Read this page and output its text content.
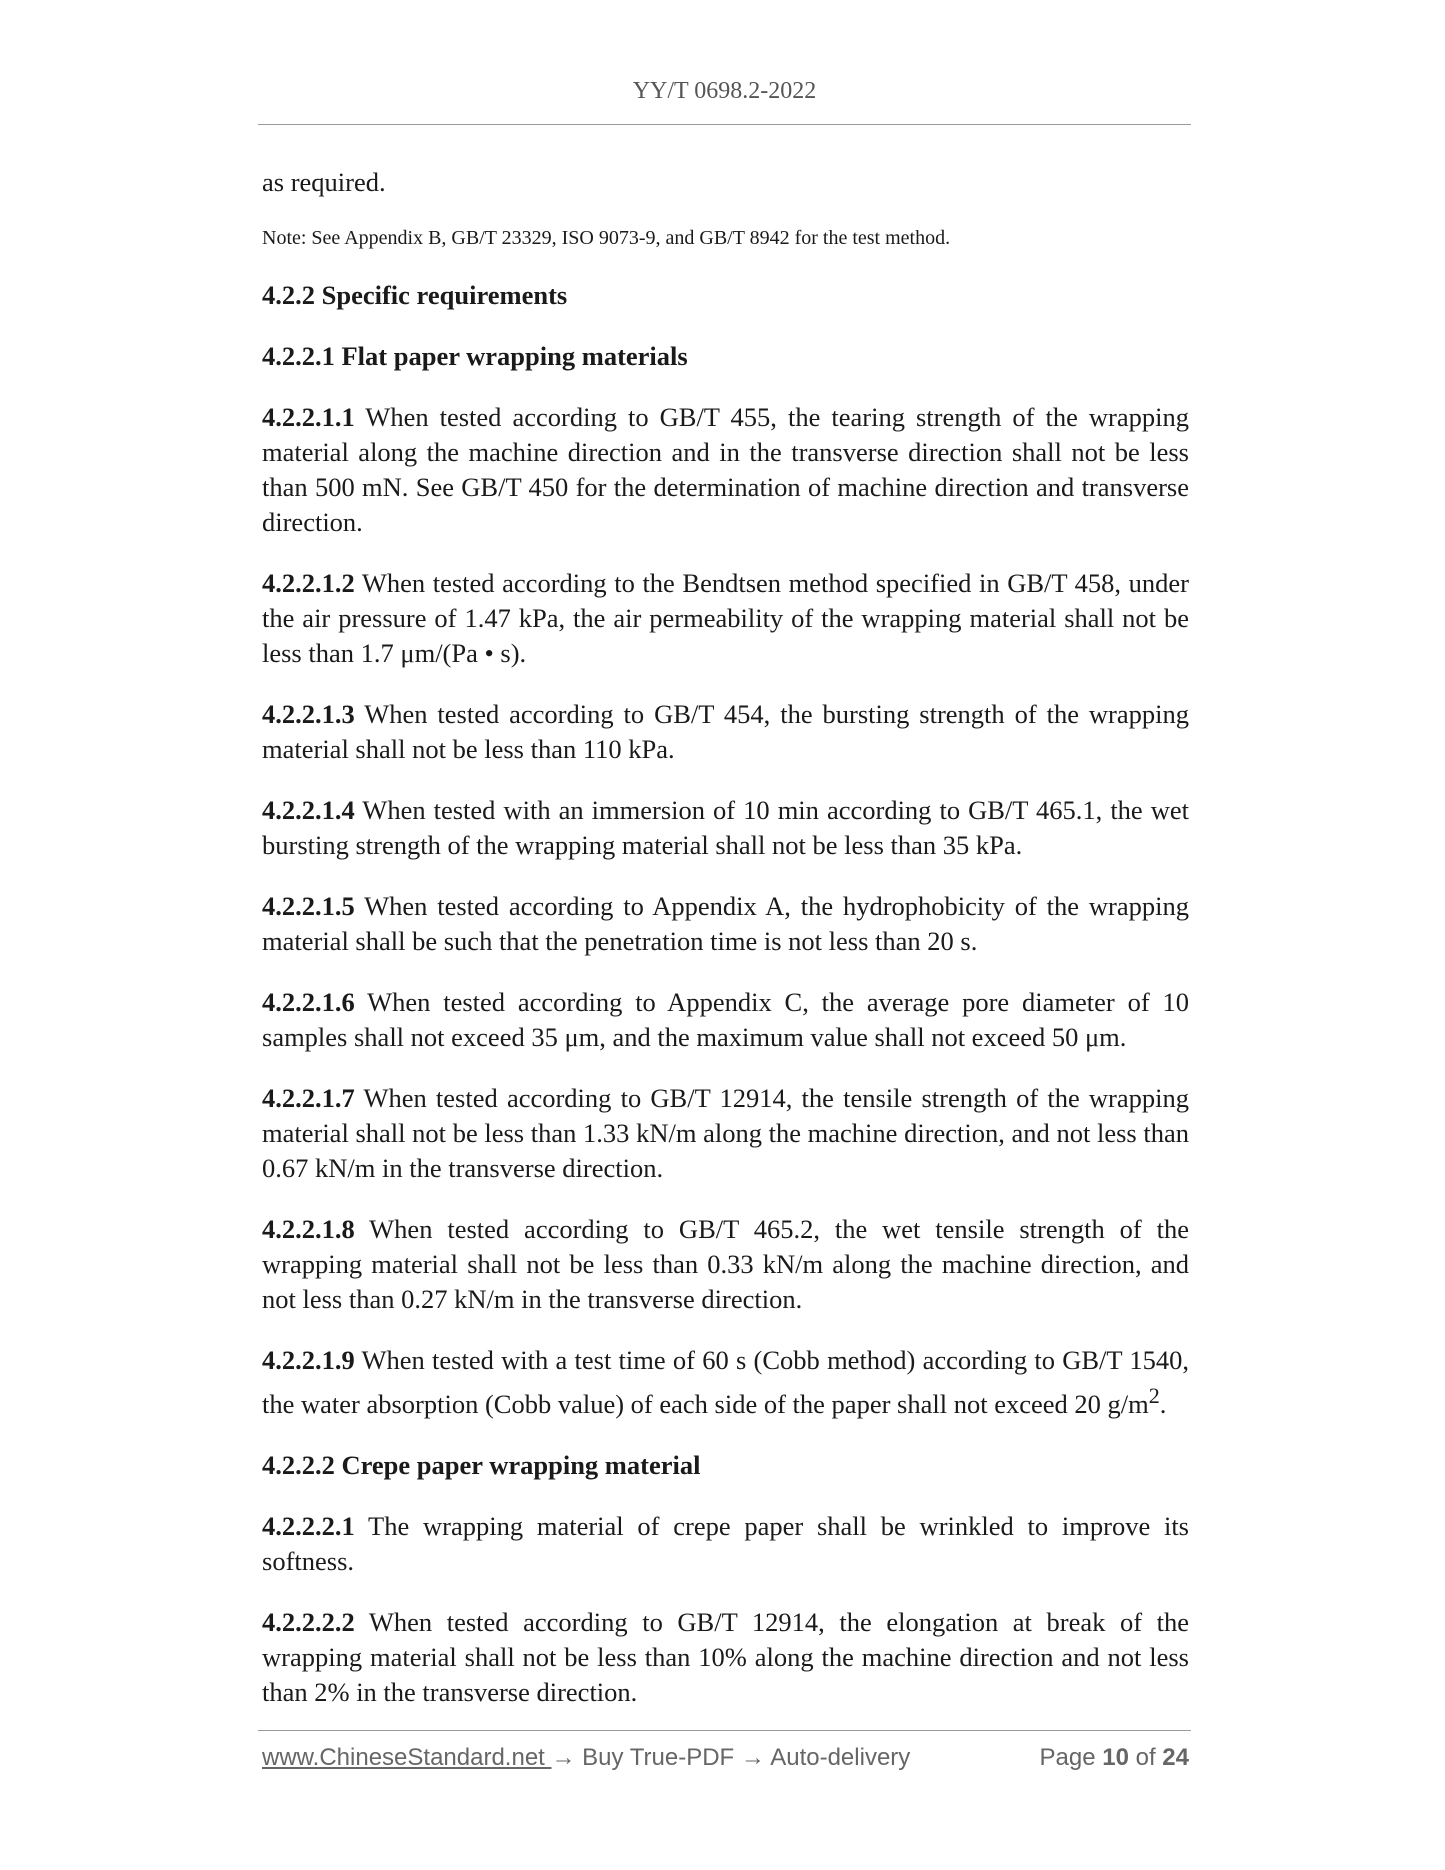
YY/T 0698.2-2022

as required.

Note: See Appendix B, GB/T 23329, ISO 9073-9, and GB/T 8942 for the test method.

4.2.2 Specific requirements
4.2.2.1 Flat paper wrapping materials

4.2.2.1.1 When tested according to GB/T 455, the tearing strength of the wrapping material along the machine direction and in the transverse direction shall not be less than 500 mN. See GB/T 450 for the determination of machine direction and transverse direction.

4.2.2.1.2 When tested according to the Bendtsen method specified in GB/T 458, under the air pressure of 1.47 kPa, the air permeability of the wrapping material shall not be less than 1.7 μm/(Pa • s).

4.2.2.1.3 When tested according to GB/T 454, the bursting strength of the wrapping material shall not be less than 110 kPa.

4.2.2.1.4 When tested with an immersion of 10 min according to GB/T 465.1, the wet bursting strength of the wrapping material shall not be less than 35 kPa.

4.2.2.1.5 When tested according to Appendix A, the hydrophobicity of the wrapping material shall be such that the penetration time is not less than 20 s.

4.2.2.1.6 When tested according to Appendix C, the average pore diameter of 10 samples shall not exceed 35 μm, and the maximum value shall not exceed 50 μm.

4.2.2.1.7 When tested according to GB/T 12914, the tensile strength of the wrapping material shall not be less than 1.33 kN/m along the machine direction, and not less than 0.67 kN/m in the transverse direction.

4.2.2.1.8 When tested according to GB/T 465.2, the wet tensile strength of the wrapping material shall not be less than 0.33 kN/m along the machine direction, and not less than 0.27 kN/m in the transverse direction.

4.2.2.1.9 When tested with a test time of 60 s (Cobb method) according to GB/T 1540, the water absorption (Cobb value) of each side of the paper shall not exceed 20 $g/m^2$.

4.2.2.2 Crepe paper wrapping material

4.2.2.2.1 The wrapping material of crepe paper shall be wrinkled to improve its softness.

4.2.2.2.2 When tested according to GB/T 12914, the elongation at break of the wrapping material shall not be less than 10% along the machine direction and not less than 2% in the transverse direction.

www.ChineseStandard.net → Buy True-PDF → Auto-delivery	Page 10 of 24
